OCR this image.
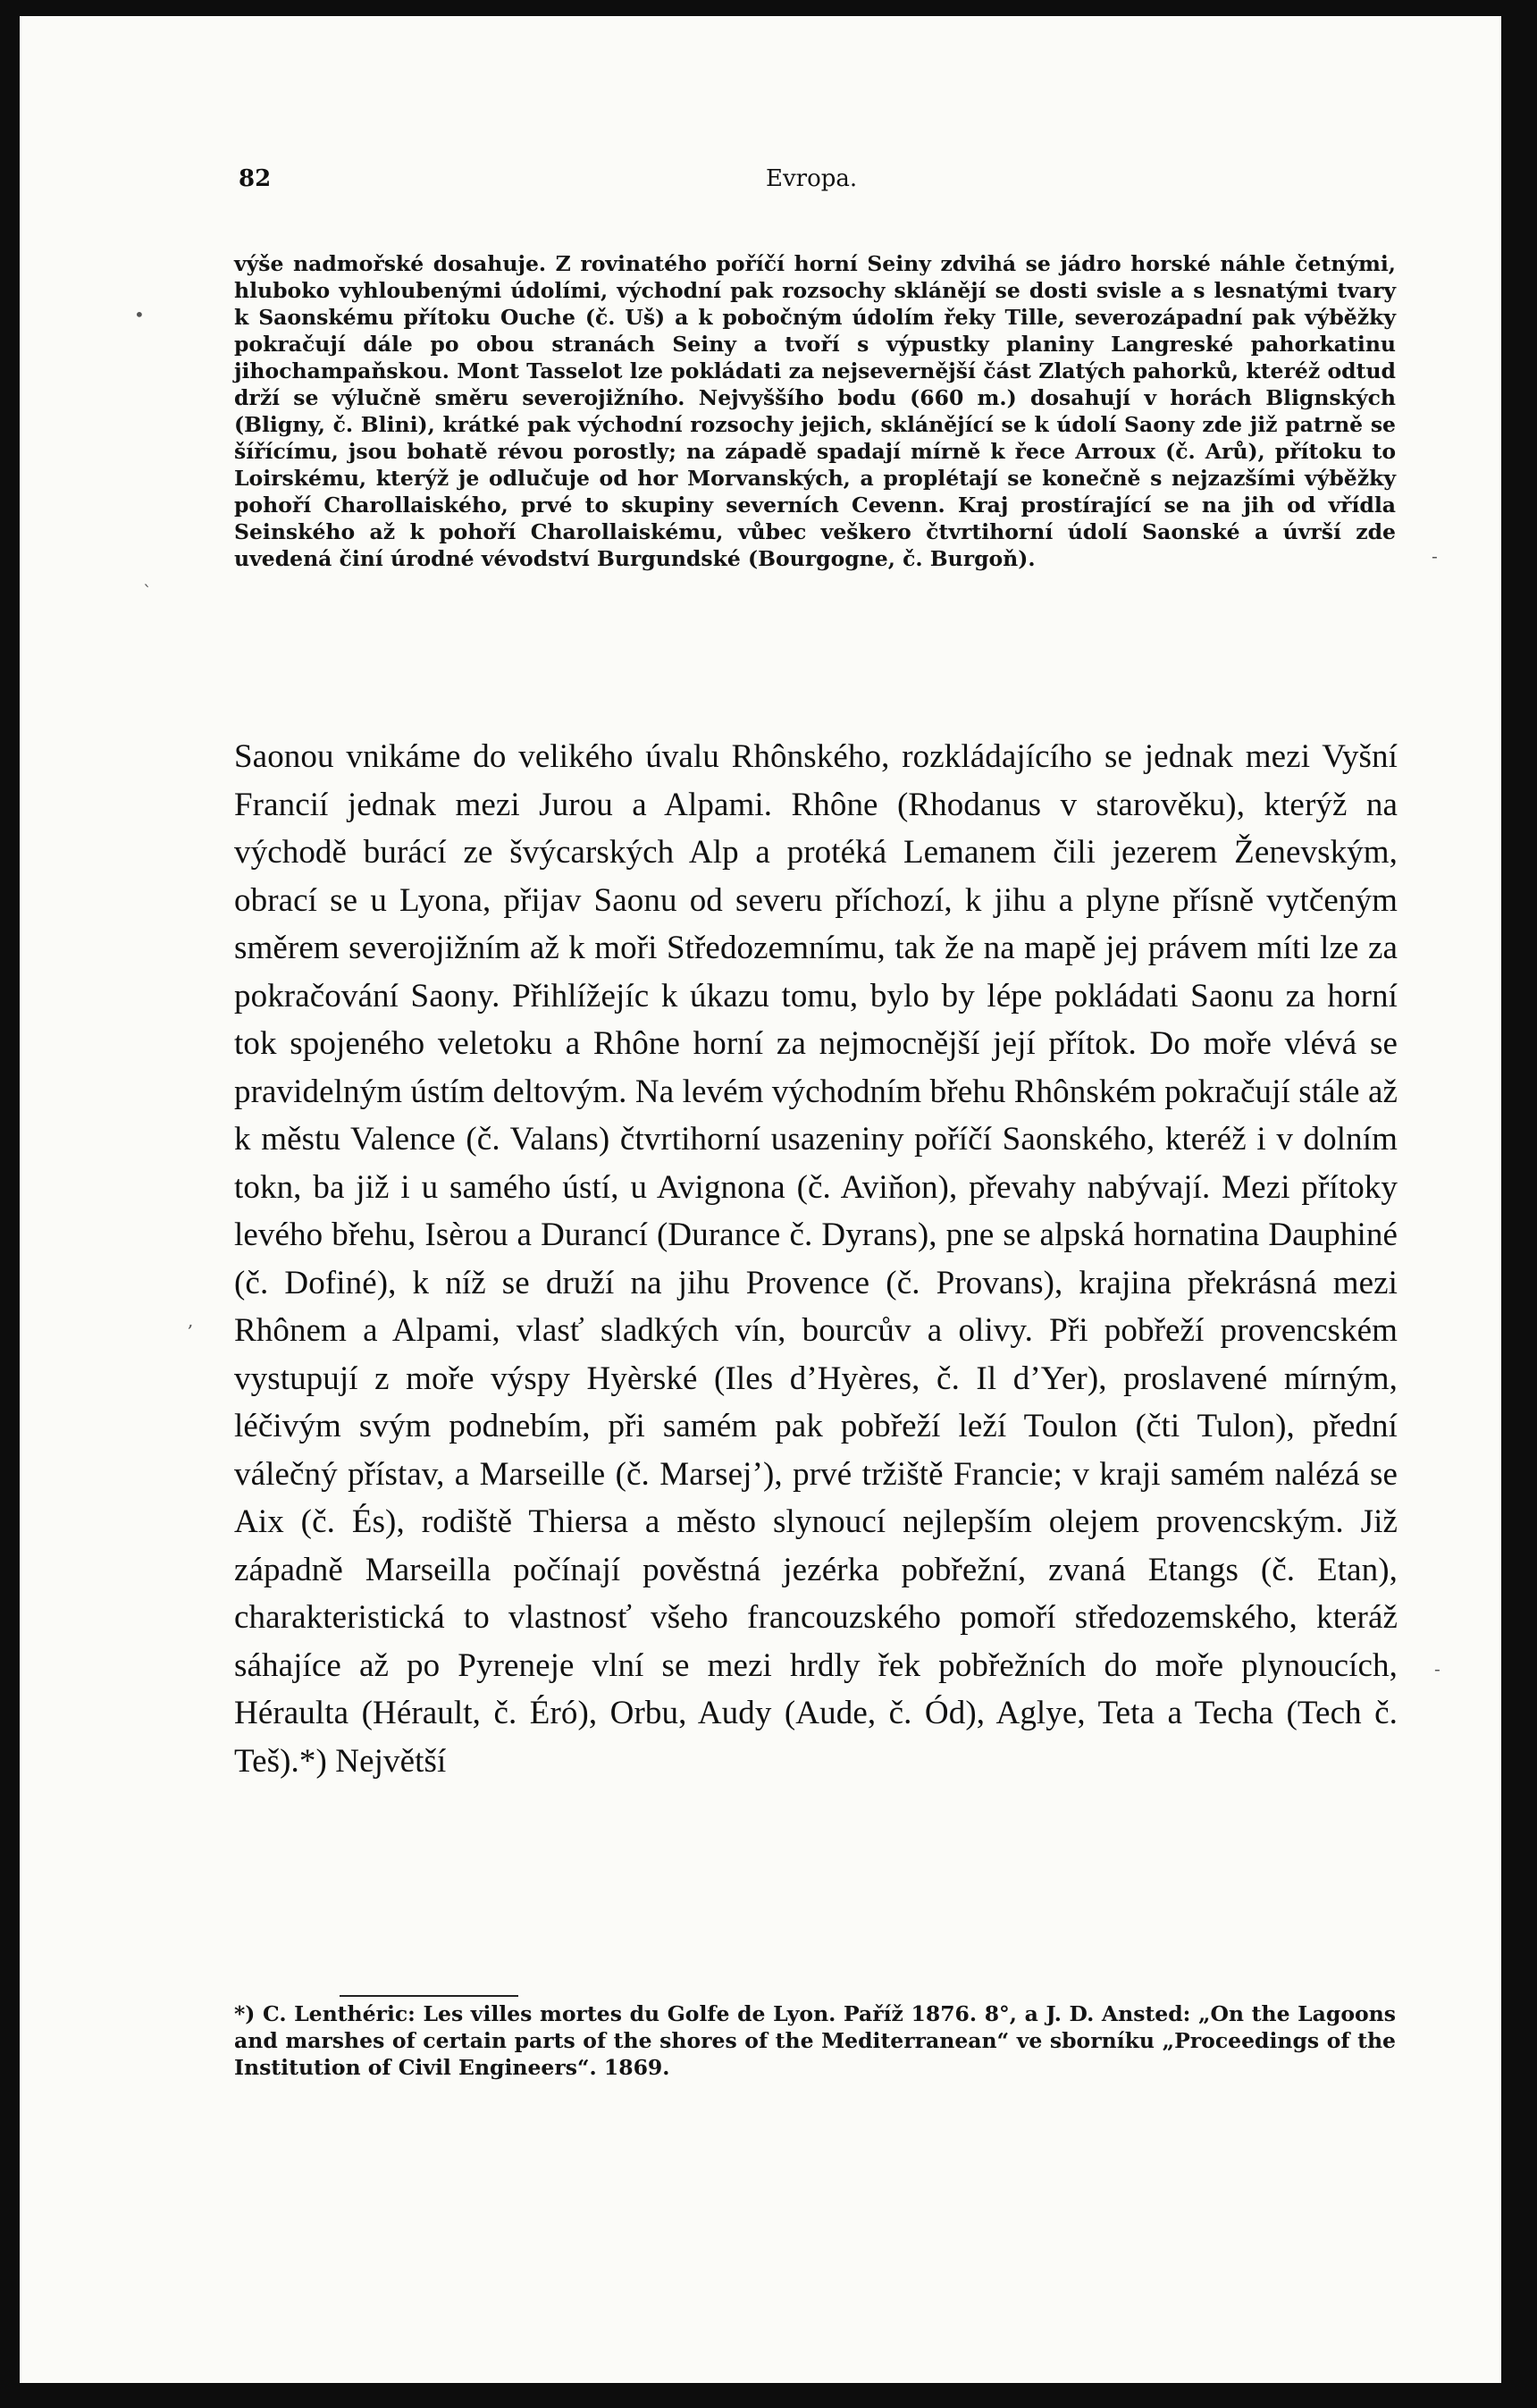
82	Evropa.

výše nadmořské dosahuje. Z rovinatého poříčí horní Seiny zdvihá se jádro horské náhle četnými, hluboko vyhloubenými údolími, východní pak rozsochy sklánějí se dosti svisle a s lesnatými tvary k Saonskému přítoku Ouche (č. Uš) a k pobočným údolím řeky Tille, severozápadní pak výběžky pokračují dále po obou stranách Seiny a tvoří s výpustky planiny Langreské pahorkatinu jihochampaňskou. Mont Tasselot lze pokládati za nejsevernější část Zlatých pahorků, kteréž odtud drží se výlučně směru severojižního. Nejvyššího bodu (660 m.) dosahují v horách Blignských (Bligny, č. Blini), krátké pak východní rozsochy jejich, sklánějící se k údolí Saony zde již patrně se šířícímu, jsou bohatě révou porostly; na západě spadají mírně k řece Arroux (č. Arů), přítoku to Loirskému, kterýž je odlučuje od hor Morvanských, a proplétají se konečně s nejzazšími výběžky pohoří Charollaiského, prvé to skupiny severních Cevenn. Kraj prostírající se na jih od vřídla Seinského až k pohoří Charollaiskému, vůbec veškero čtvrtihorní údolí Saonské a úvrší zde uvedená činí úrodné vévodství Burgundské (Bourgogne, č. Burgoň).

Saonou vnikáme do velikého úvalu Rhônského, rozkládajícího se jednak mezi Vyšní Francií jednak mezi Jurou a Alpami. Rhône (Rhodanus v starověku), kterýž na východě burácí ze švýcarských Alp a protéká Lemanem čili jezerem Ženevským, obrací se u Lyona, přijav Saonu od severu příchozí, k jihu a plyne přísně vytčeným směrem severojižním až k moři Středozemnímu, tak že na mapě jej právem míti lze za pokračování Saony. Přihlížejíc k úkazu tomu, bylo by lépe pokládati Saonu za horní tok spojeného veletoku a Rhône horní za nejmocnější její přítok. Do moře vlévá se pravidelným ústím deltovým. Na levém východním břehu Rhônském pokračují stále až k městu Valence (č. Valans) čtvrtihorní usazeniny poříčí Saonského, kteréž i v dolním tokn, ba již i u samého ústí, u Avignona (č. Aviňon), převahy nabývají. Mezi přítoky levého břehu, Isèrou a Durancí (Durance č. Dyrans), pne se alpská hornatina Dauphiné (č. Dofiné), k níž se druží na jihu Provence (č. Provans), krajina překrásná mezi Rhônem a Alpami, vlasť sladkých vín, bourcův a olivy. Při pobřeží provencském vystupují z moře výspy Hyèrské (Iles d’Hyères, č. Il d’Yer), proslavené mírným, léčivým svým podnebím, při samém pak pobřeží leží Toulon (čti Tulon), přední válečný přístav, a Marseille (č. Marsej’), prvé tržiště Francie; v kraji samém nalézá se Aix (č. És), rodiště Thiersa a město slynoucí nejlepším olejem provencským. Již západně Marseilla počínají pověstná jezérka pobřežní, zvaná Etangs (č. Etan), charakteristická to vlastnosť všeho francouzského pomoří středozemského, kteráž sáhajíce až po Pyreneje vlní se mezi hrdly řek pobřežních do moře plynoucích, Héraulta (Hérault, č. Éró), Orbu, Audy (Aude, č. Ód), Aglye, Teta a Techa (Tech č. Teš).*) Největší

*) C. Lenthéric: Les villes mortes du Golfe de Lyon. Paříž 1876. 8°, a J. D. Ansted: „On the Lagoons and marshes of certain parts of the shores of the Mediterranean“ ve sborníku „Proceedings of the Institution of Civil Engineers“. 1869.

•
`
-
,
-
